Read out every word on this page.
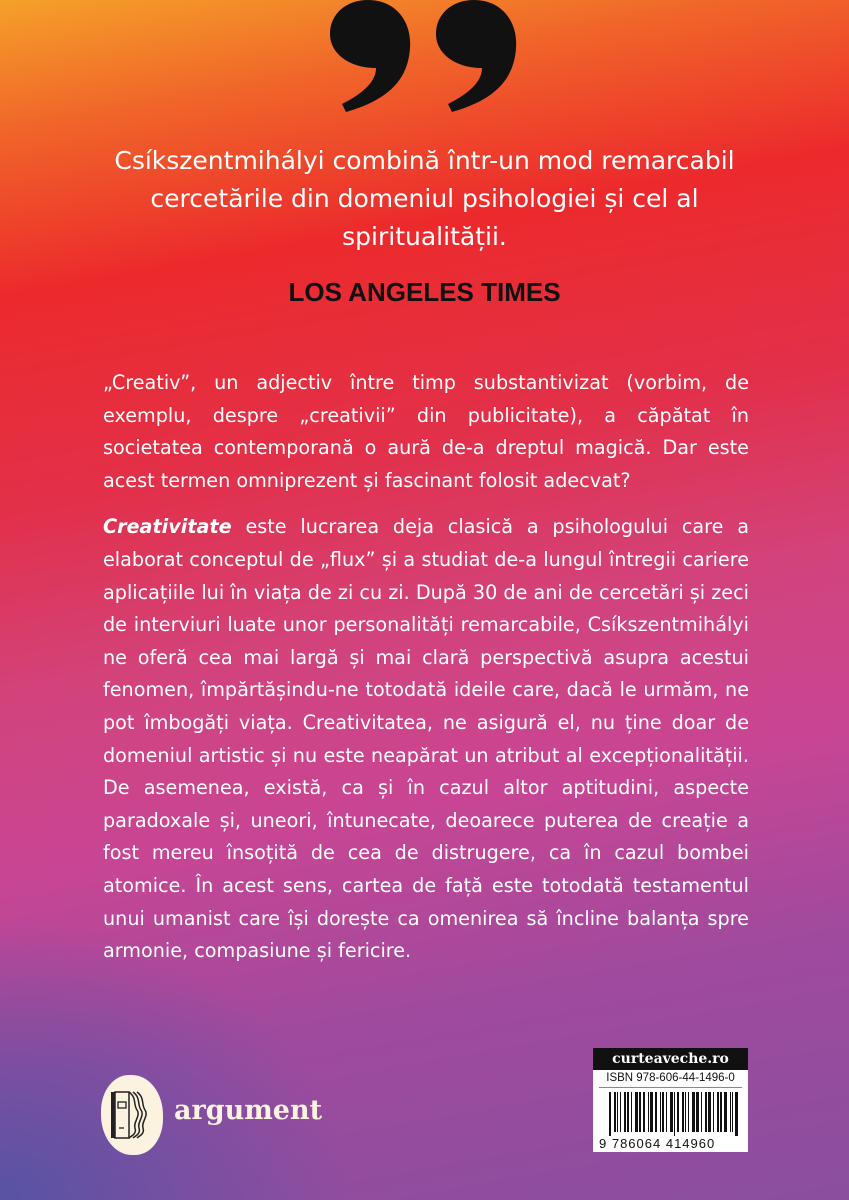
Csíkszentmihályi combină într-un mod remarcabil cercetările din domeniul psihologiei și cel al spiritualității.
LOS ANGELES TIMES

„Creativ”, un adjectiv între timp substantivizat (vorbim, de exemplu, despre „creativii” din publicitate), a căpătat în societatea contemporană o aură de-a dreptul magică. Dar este acest termen omniprezent și fascinant folosit adecvat?

Creativitate este lucrarea deja clasică a psihologului care a elaborat conceptul de „flux” și a studiat de-a lungul întregii cariere aplicațiile lui în viața de zi cu zi. După 30 de ani de cercetări și zeci de interviuri luate unor personalități remarcabile, Csíkszentmihályi ne oferă cea mai largă și mai clară perspectivă asupra acestui fenomen, împărtășindu-ne totodată ideile care, dacă le urmăm, ne pot îmbogăți viața. Creativitatea, ne asigură el, nu ține doar de domeniul artistic și nu este neapărat un atribut al excepționalității. De asemenea, există, ca și în cazul altor aptitudini, aspecte paradoxale și, uneori, întunecate, deoarece puterea de creație a fost mereu însoțită de cea de distrugere, ca în cazul bombei atomice. În acest sens, cartea de față este totodată testamentul unui umanist care își dorește ca omenirea să încline balanța spre armonie, compasiune și fericire.

argument
curteaveche.ro
ISBN 978-606-44-1496-0
9 786064 414960
